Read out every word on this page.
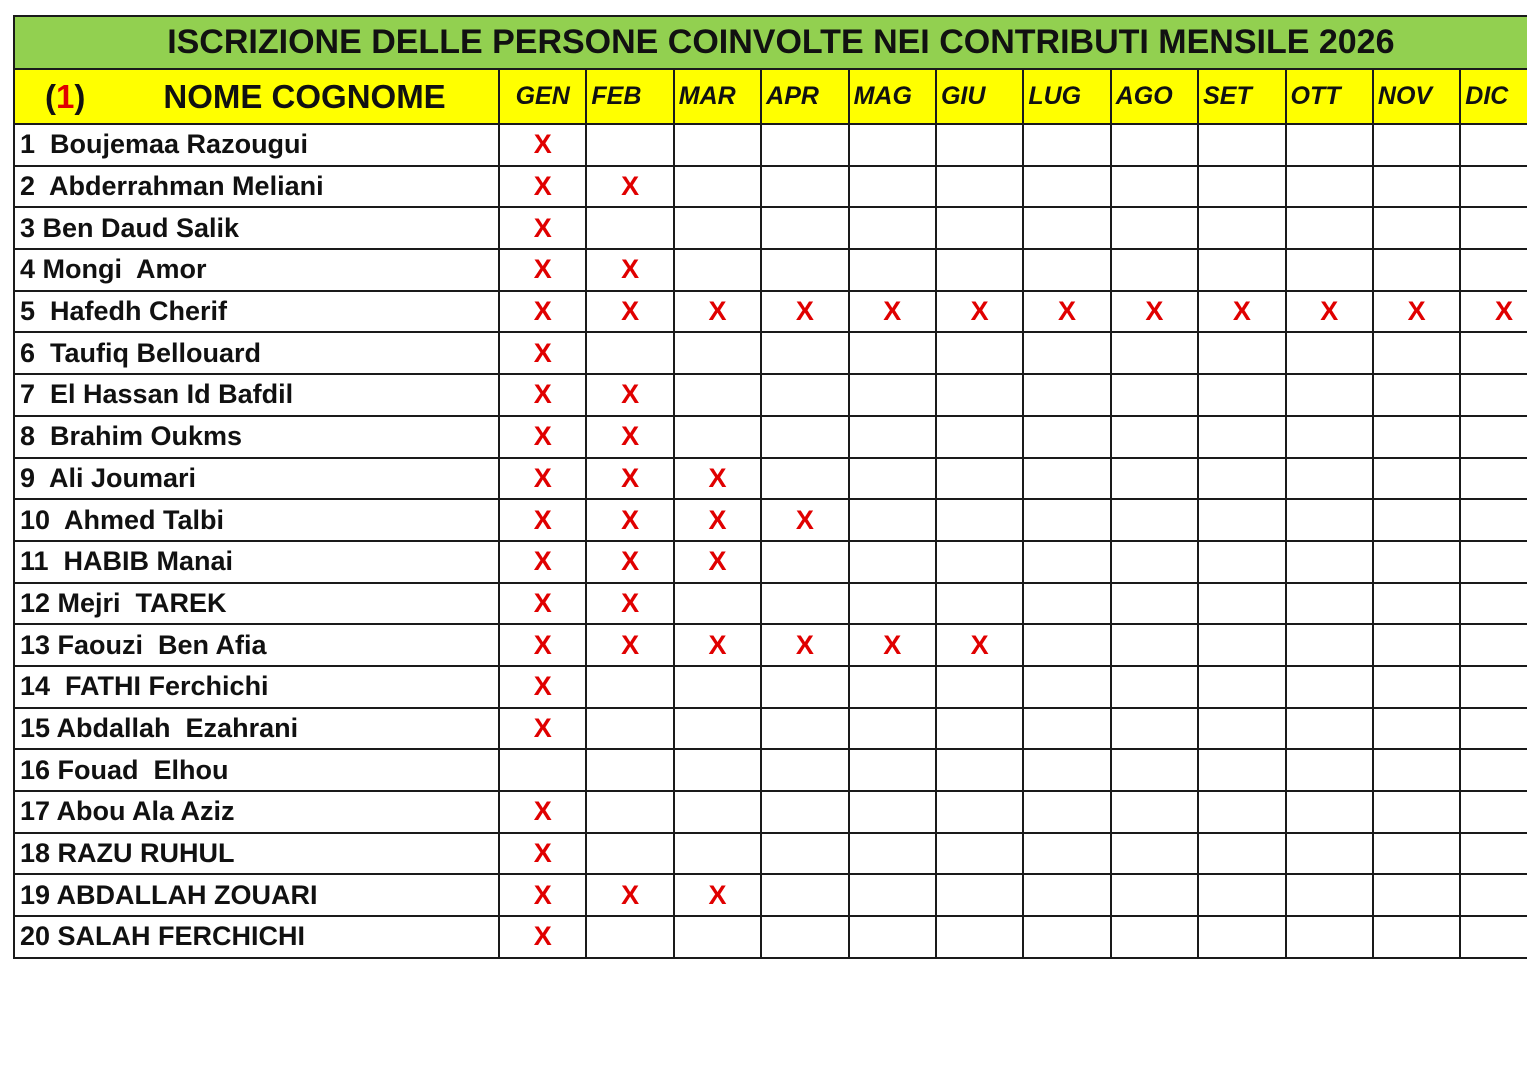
ISCRIZIONE DELLE PERSONE COINVOLTE NEI CONTRIBUTI MENSILE 2026												
(1) NOME COGNOME	GEN	FEB	MAR	APR	MAG	GIU	LUG	AGO	SET	OTT	NOV	DIC
1  Boujemaa Razougui	X											
2  Abderrahman Meliani	X	X										
3 Ben Daud Salik	X											
4 Mongi  Amor	X	X										
5  Hafedh Cherif	X	X	X	X	X	X	X	X	X	X	X	X
6  Taufiq Bellouard	X											
7  El Hassan Id Bafdil	X	X										
8  Brahim Oukms	X	X										
9  Ali Joumari	X	X	X									
10  Ahmed Talbi	X	X	X	X								
11  HABIB Manai	X	X	X									
12 Mejri  TAREK	X	X										
13 Faouzi  Ben Afia	X	X	X	X	X	X						
14  FATHI Ferchichi	X											
15 Abdallah  Ezahrani	X											
16 Fouad  Elhou												
17 Abou Ala Aziz	X											
18 RAZU RUHUL	X											
19 ABDALLAH ZOUARI	X	X	X									
20 SALAH FERCHICHI	X											
